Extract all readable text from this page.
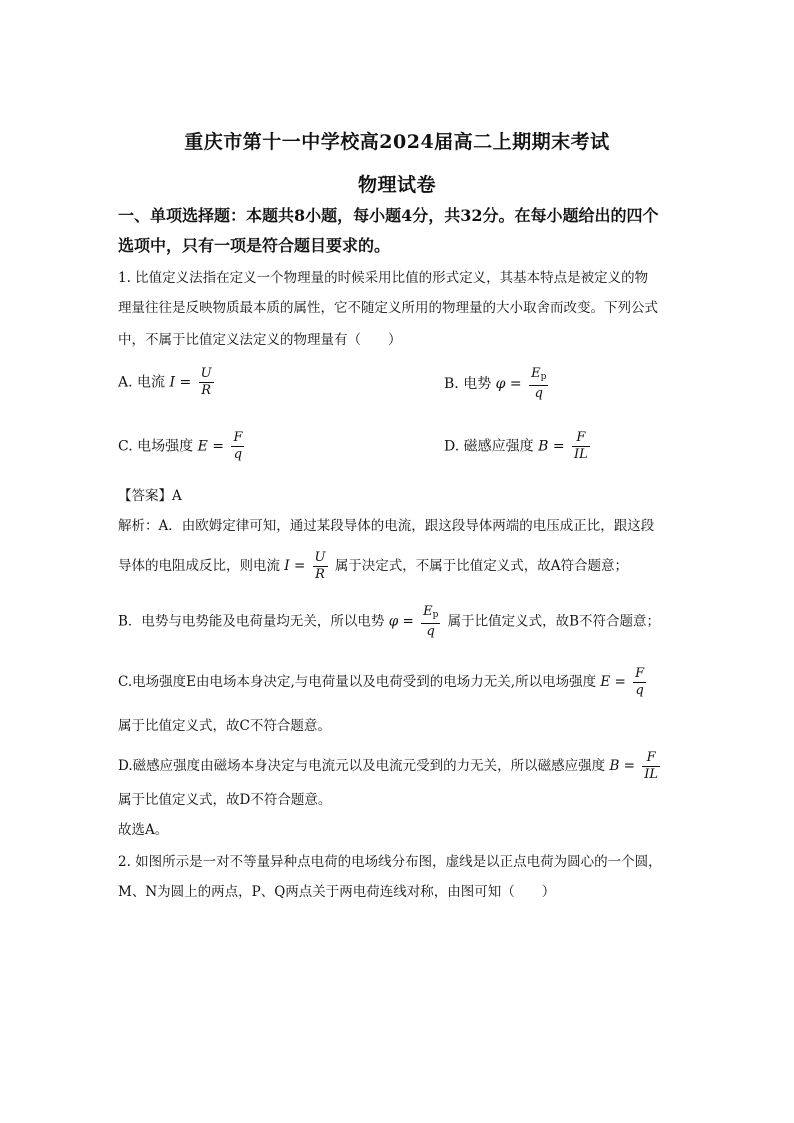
重庆市第十一中学校高2024届高二上期期末考试
物理试卷
一、单项选择题：本题共8小题，每小题4分，共32分。在每小题给出的四个
选项中，只有一项是符合题目要求的。
1. 比值定义法指在定义一个物理量的时候采用比值的形式定义，其基本特点是被定义的物
理量往往是反映物质最本质的属性，它不随定义所用的物理量的大小取舍而改变。下列公式
中，不属于比值定义法定义的物理量有（　　）
A. 电流 $I = \frac{U}{R}$	B. 电势 $\varphi = \frac{E_p}{q}$
C. 电场强度 $E = \frac{F}{q}$	D. 磁感应强度 $B = \frac{F}{IL}$
【答案】A
解析：A．由欧姆定律可知，通过某段导体的电流，跟这段导体两端的电压成正比，跟这段
导体的电阻成反比，则电流 $I = \frac{U}{R}$ 属于决定式，不属于比值定义式，故A符合题意；
B．电势与电势能及电荷量均无关，所以电势 $\varphi = \frac{E_p}{q}$ 属于比值定义式，故B不符合题意；
C.电场强度E由电场本身决定,与电荷量以及电荷受到的电场力无关,所以电场强度 $E = \frac{F}{q}$
属于比值定义式，故C不符合题意。
D.磁感应强度由磁场本身决定与电流元以及电流元受到的力无关，所以磁感应强度 $B = \frac{F}{IL}$
属于比值定义式，故D不符合题意。
故选A。
2. 如图所示是一对不等量异种点电荷的电场线分布图，虚线是以正点电荷为圆心的一个圆，
M、N为圆上的两点，P、Q两点关于两电荷连线对称，由图可知（　　）
